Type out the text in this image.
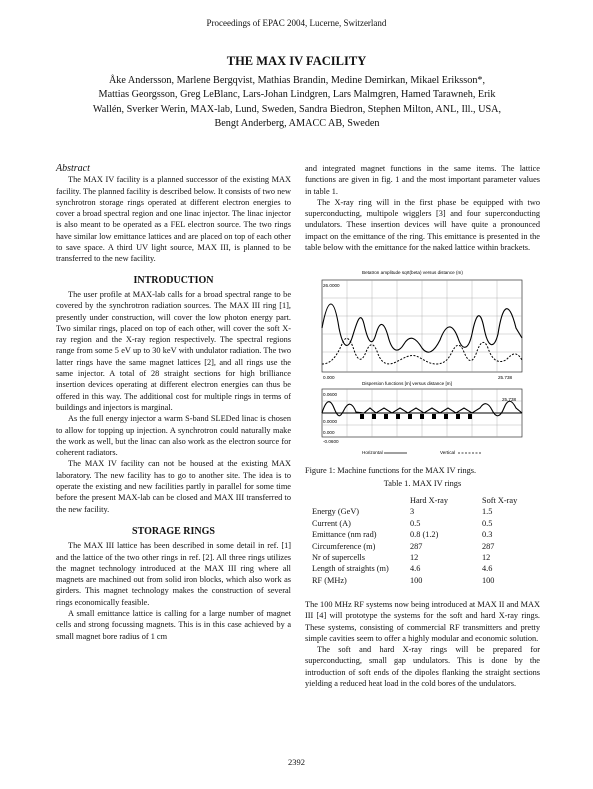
Proceedings of EPAC 2004, Lucerne, Switzerland
THE MAX IV FACILITY
Åke Andersson, Marlene Bergqvist, Mathias Brandin, Medine Demirkan, Mikael Eriksson*,
Mattias Georgsson, Greg LeBlanc, Lars-Johan Lindgren, Lars Malmgren, Hamed Tarawneh, Erik
Wallén, Sverker Werin, MAX-lab, Lund, Sweden, Sandra Biedron, Stephen Milton, ANL, Ill., USA,
Bengt Anderberg, AMACC AB, Sweden
Abstract

The MAX IV facility is a planned successor of the existing MAX facility. The planned facility is described below. It consists of two new synchrotron storage rings operated at different electron energies to cover a broad spectral region and one linac injector. The linac injector is also meant to be operated as a FEL electron source. The two rings have similar low emittance lattices and are placed on top of each other to save space. A third UV light source, MAX III, is planned to be transferred to the new facility.

INTRODUCTION

The user profile at MAX-lab calls for a broad spectral range to be covered by the synchrotron radiation sources. The MAX III ring [1], presently under construction, will cover the low photon energy part. Two similar rings, placed on top of each other, will cover the soft X-ray region and the X-ray region respectively. The spectral regions range from some 5 eV up to 30 keV with undulator radiation. The two latter rings have the same magnet lattices [2], and all rings use the same injector. A total of 28 straight sections for high brilliance insertion devices operating at different electron energies can thus be offered in this way. The additional cost for multiple rings in terms of buildings and injectors is marginal.

As the full energy injector a warm S-band SLEDed linac is chosen to allow for topping up injection. A synchrotron could naturally make the work as well, but the linac can also work as the electron source for coherent radiators.

The MAX IV facility can not be housed at the existing MAX laboratory. The new facility has to go to another site. The idea is to operate the existing and new facilities partly in parallel for some time before the present MAX-lab can be closed and MAX III transferred to the new facility.

STORAGE RINGS

The MAX III lattice has been described in some detail in ref. [1] and the lattice of the two other rings in ref. [2]. All three rings utilizes the magnet technology introduced at the MAX III ring where all magnets are machined out from solid iron blocks, which also work as girders. This magnet technology makes the construction of several rings economically feasible.

A small emittance lattice is calling for a large number of magnet cells and strong focussing magnets. This is in this case achieved by a small magnet bore radius of 1 cm

and integrated magnet functions in the same items. The lattice functions are given in fig. 1 and the most important parameter values in table 1.

The X-ray ring will in the first phase be equipped with two superconducting, multipole wigglers [3] and four superconducting undulators. These insertion devices will have quite a pronounced impact on the emittance of the ring. This emittance is presented in the table below with the emittance for the naked lattice within brackets.

Betatron amplitude sqrt(beta) versus distance (m)
26.0000
0.000	25.738
Dispersion functions [m] versus distance [m]
0.0600
0.0000
-0.0600
0.000
25.738
Horizontal	Vertical
Figure 1: Machine functions for the MAX IV rings.
Table 1. MAX IV rings
	Hard X-ray	Soft X-ray
Energy (GeV)	3	1.5
Current (A)	0.5	0.5
Emittance (nm rad)	0.8 (1.2)	0.3
Circumference (m)	287	287
Nr of supercells	12	12
Length of straights (m)	4.6	4.6
RF (MHz)	100	100

The 100 MHz RF systems now being introduced at MAX II and MAX III [4] will prototype the systems for the soft and hard X-ray rings. These systems, consisting of commercial RF transmitters and pretty simple cavities seem to offer a highly modular and economic solution.

The soft and hard X-ray rings will be prepared for superconducting, small gap undulators. This is done by the introduction of soft ends of the dipoles flanking the straight sections yielding a reduced heat load in the cold bores of the undulators.

2392
